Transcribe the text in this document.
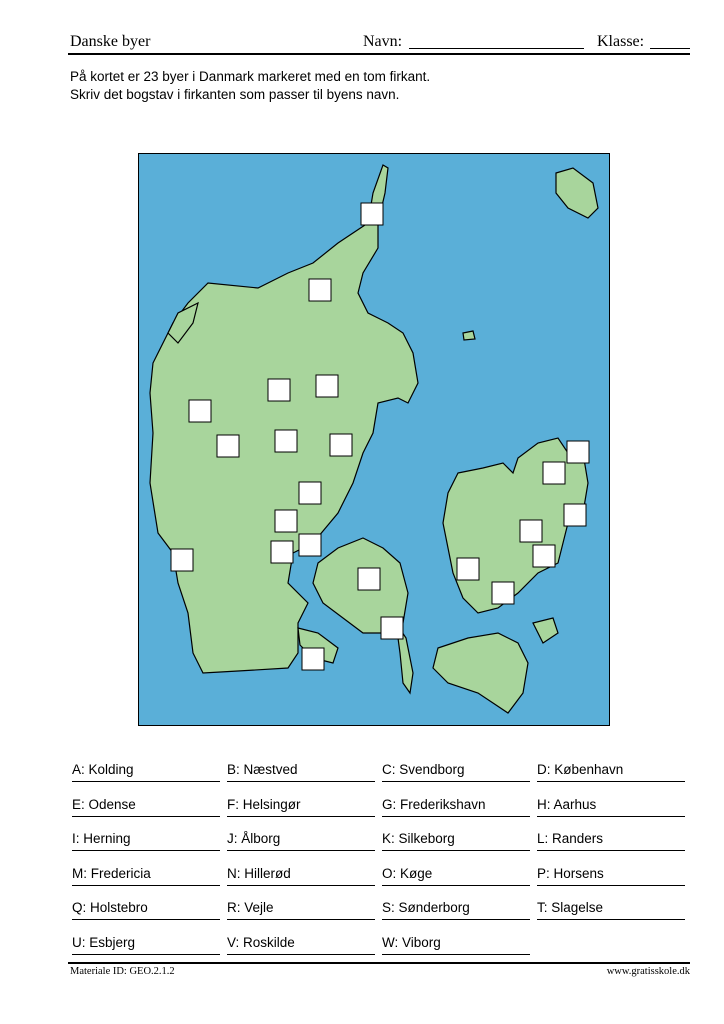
Danske byer	Navn:	Klasse:
På kortet er 23 byer i Danmark markeret med en tom firkant.
Skriv det bogstav i firkanten som passer til byens navn.
A: Kolding	B: Næstved	C: Svendborg	D: København
E: Odense	F: Helsingør	G: Frederikshavn	H: Aarhus
I: Herning	J: Ålborg	K: Silkeborg	L: Randers
M: Fredericia	N: Hillerød	O: Køge	P: Horsens
Q: Holstebro	R: Vejle	S: Sønderborg	T: Slagelse
U: Esbjerg	V: Roskilde	W: Viborg
Materiale ID: GEO.2.1.2	www.gratisskole.dk
